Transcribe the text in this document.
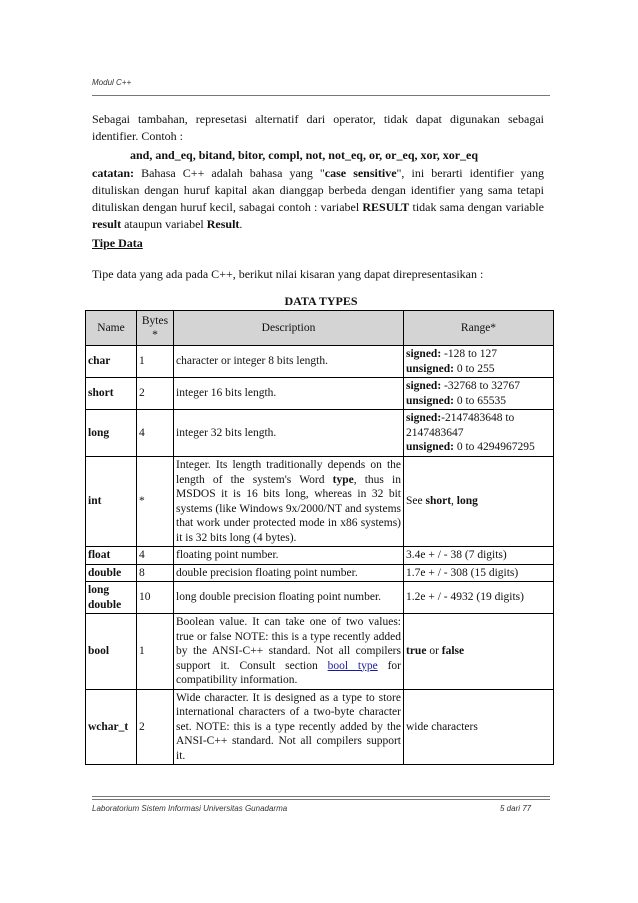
Modul C++

Sebagai tambahan, represetasi alternatif dari operator, tidak dapat digunakan sebagai identifier. Contoh :

and, and_eq, bitand, bitor, compl, not, not_eq, or, or_eq, xor, xor_eq

catatan: Bahasa C++ adalah bahasa yang "case sensitive", ini berarti identifier yang dituliskan dengan huruf kapital akan dianggap berbeda dengan identifier yang sama tetapi dituliskan dengan huruf kecil, sabagai contoh : variabel RESULT tidak sama dengan variable result ataupun variabel Result.

Tipe Data

Tipe data yang ada pada C++, berikut nilai kisaran yang dapat direpresentasikan :

DATA TYPES
Name	Bytes *	Description	Range*
char	1	character or integer 8 bits length.	signed: -128 to 127
unsigned: 0 to 255
short	2	integer 16 bits length.	signed: -32768 to 32767
unsigned: 0 to 65535
long	4	integer 32 bits length.	signed:-2147483648 to 2147483647
unsigned: 0 to 4294967295
int	*	Integer. Its length traditionally depends on the length of the system's Word type, thus in MSDOS it is 16 bits long, whereas in 32 bit systems (like Windows 9x/2000/NT and systems that work under protected mode in x86 systems) it is 32 bits long (4 bytes).	See short, long
float	4	floating point number.	3.4e + / - 38 (7 digits)
double	8	double precision floating point number.	1.7e + / - 308 (15 digits)
long double	10	long double precision floating point number.	1.2e + / - 4932 (19 digits)
bool	1	Boolean value. It can take one of two values: true or false NOTE: this is a type recently added by the ANSI-C++ standard. Not all compilers support it. Consult section bool type for compatibility information.	true or false
wchar_t	2	Wide character. It is designed as a type to store international characters of a two-byte character set. NOTE: this is a type recently added by the ANSI-C++ standard. Not all compilers support it.	wide characters
Laboratorium Sistem Informasi Universitas Gunadarma	5 dari 77
